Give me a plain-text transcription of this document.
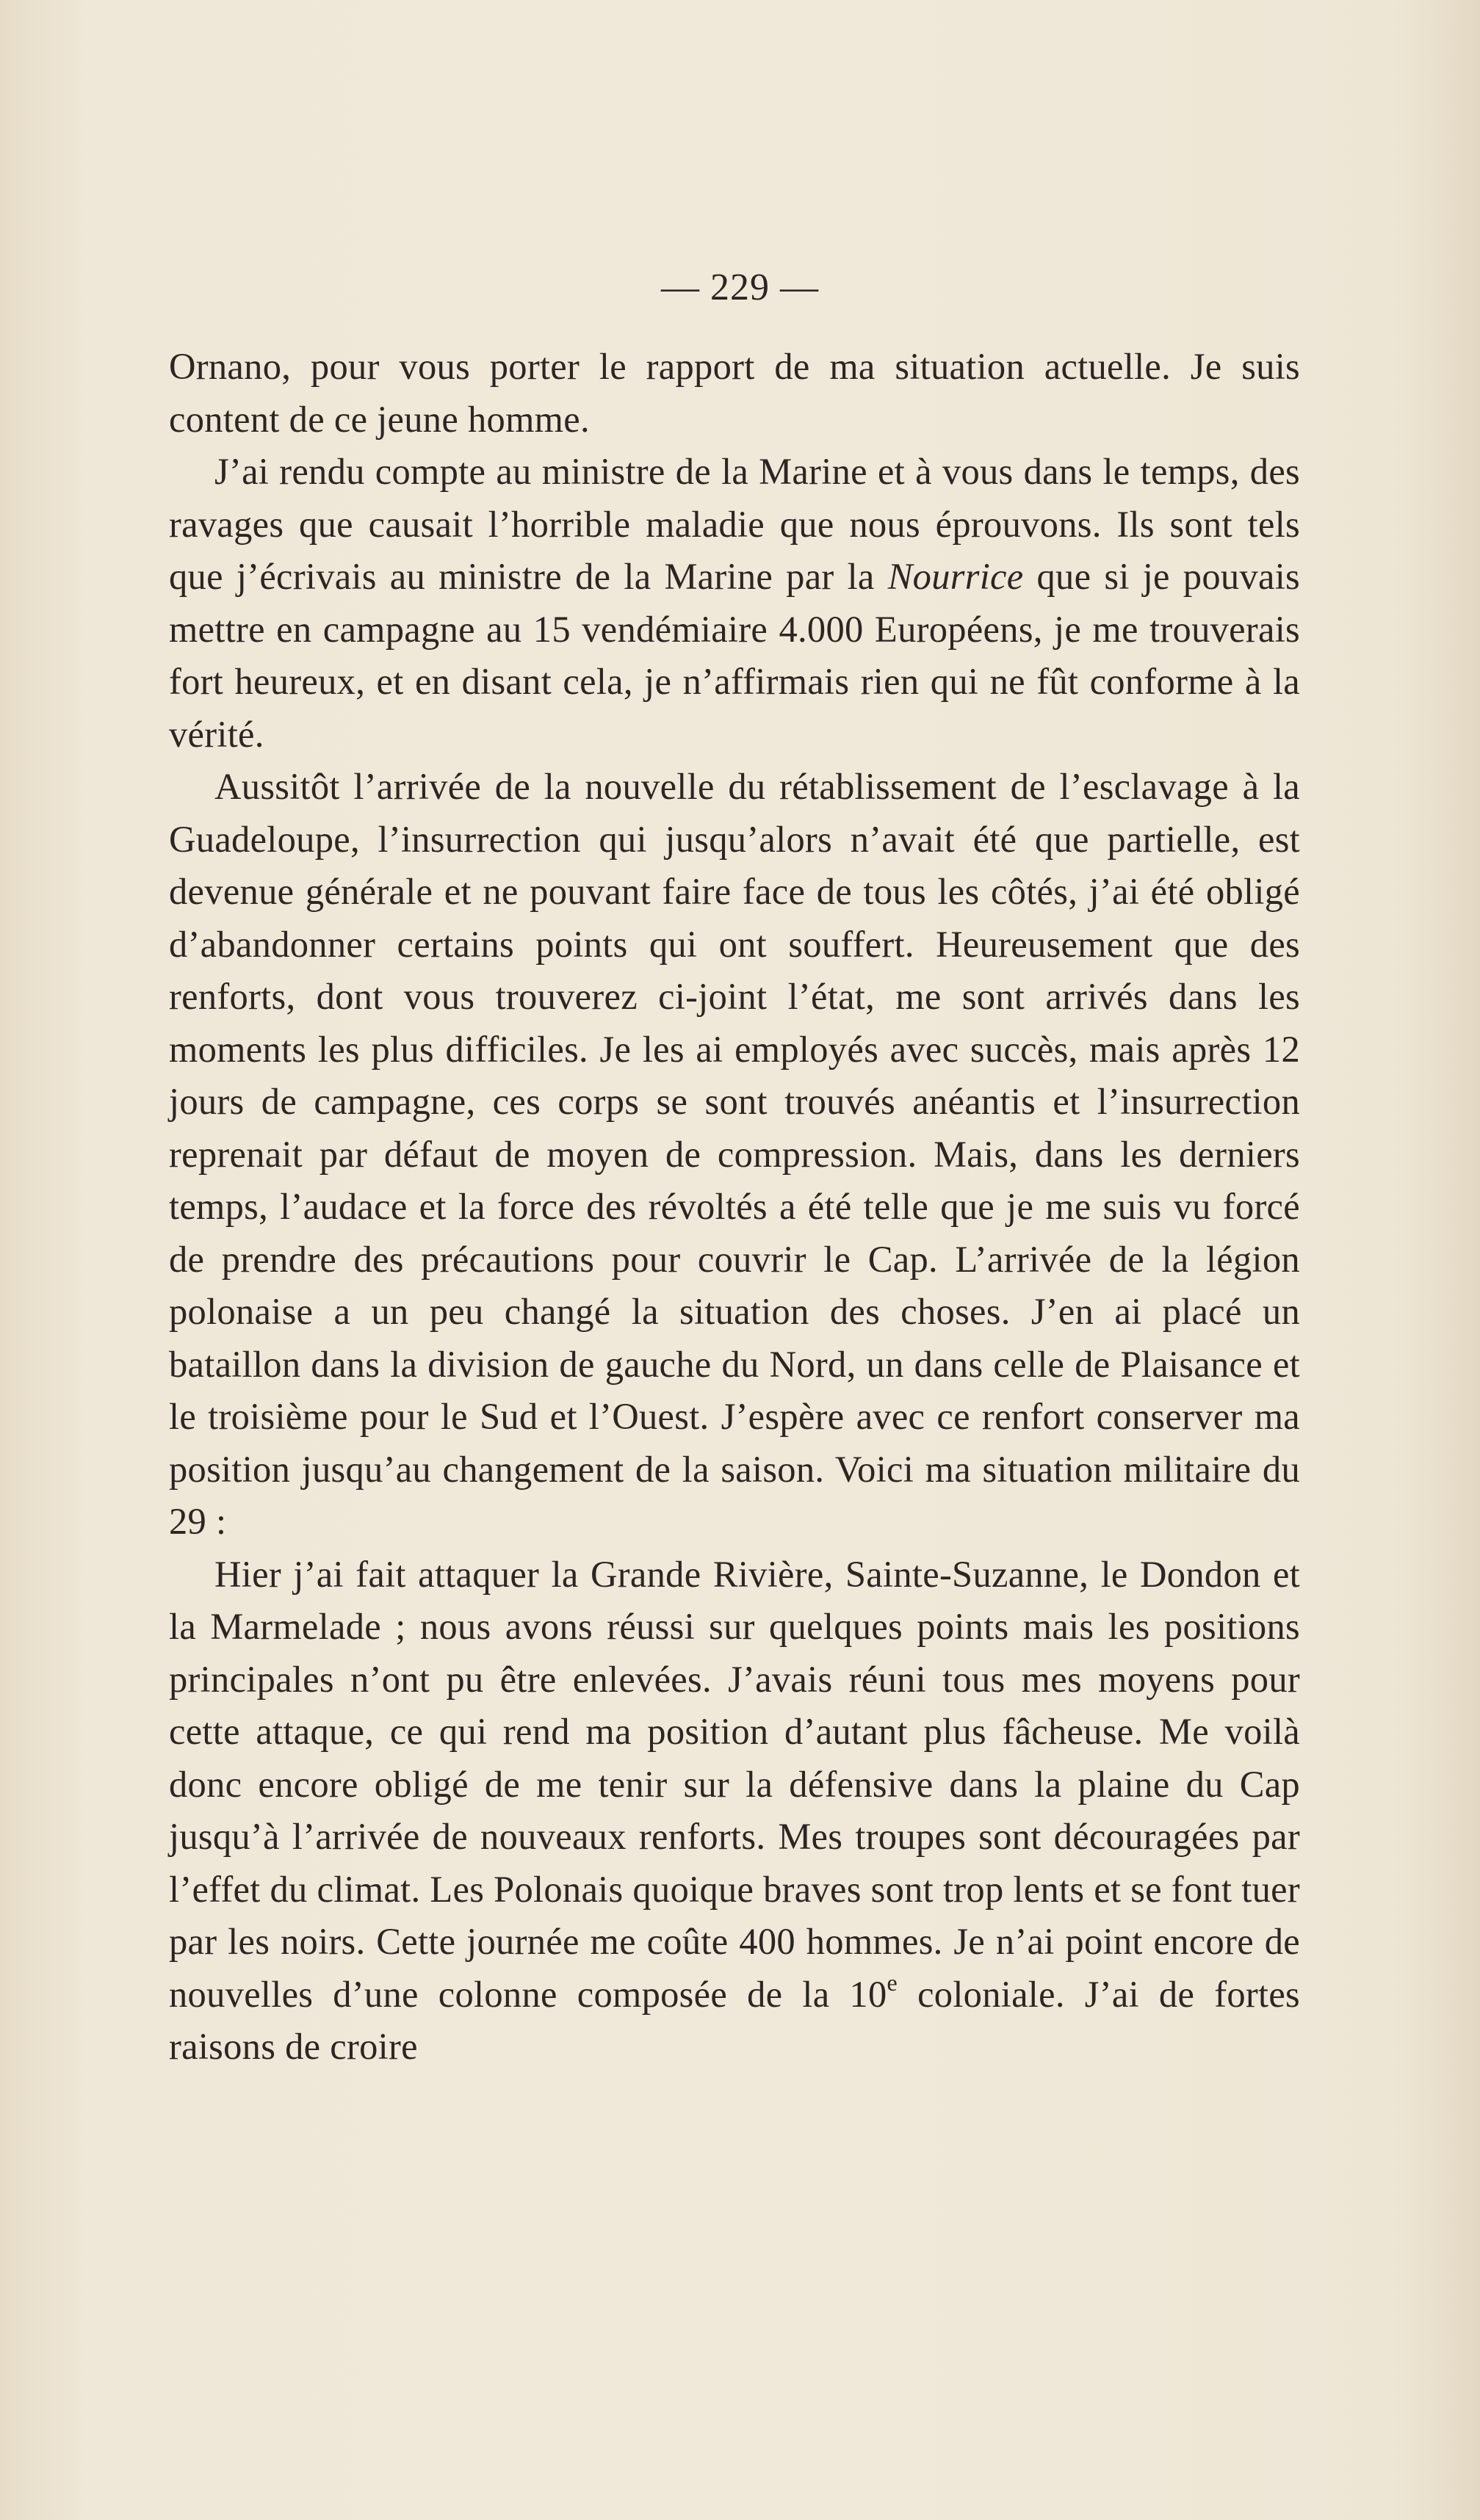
— 229 —

Ornano, pour vous porter le rapport de ma situation actuelle. Je suis content de ce jeune homme.

J’ai rendu compte au ministre de la Marine et à vous dans le temps, des ravages que causait l’horrible maladie que nous éprouvons. Ils sont tels que j’écrivais au ministre de la Marine par la Nourrice que si je pouvais mettre en campagne au 15 vendémiaire 4.000 Européens, je me trouverais fort heureux, et en disant cela, je n’affirmais rien qui ne fût conforme à la vérité.

Aussitôt l’arrivée de la nouvelle du rétablissement de l’esclavage à la Guadeloupe, l’insurrection qui jusqu’alors n’avait été que partielle, est devenue générale et ne pouvant faire face de tous les côtés, j’ai été obligé d’abandonner certains points qui ont souffert. Heureusement que des renforts, dont vous trouverez ci-joint l’état, me sont arrivés dans les moments les plus difficiles. Je les ai employés avec succès, mais après 12 jours de campagne, ces corps se sont trouvés anéantis et l’insurrection reprenait par défaut de moyen de compression. Mais, dans les derniers temps, l’audace et la force des révoltés a été telle que je me suis vu forcé de prendre des précautions pour couvrir le Cap. L’arrivée de la légion polonaise a un peu changé la situation des choses. J’en ai placé un bataillon dans la division de gauche du Nord, un dans celle de Plaisance et le troisième pour le Sud et l’Ouest. J’espère avec ce renfort conserver ma position jusqu’au changement de la saison. Voici ma situation militaire du 29 :

Hier j’ai fait attaquer la Grande Rivière, Sainte-Suzanne, le Dondon et la Marmelade ; nous avons réussi sur quelques points mais les positions principales n’ont pu être enlevées. J’avais réuni tous mes moyens pour cette attaque, ce qui rend ma position d’autant plus fâcheuse. Me voilà donc encore obligé de me tenir sur la défensive dans la plaine du Cap jusqu’à l’arrivée de nouveaux renforts. Mes troupes sont découragées par l’effet du climat. Les Polonais quoique braves sont trop lents et se font tuer par les noirs. Cette journée me coûte 400 hommes. Je n’ai point encore de nouvelles d’une colonne composée de la 10e coloniale. J’ai de fortes raisons de croire
